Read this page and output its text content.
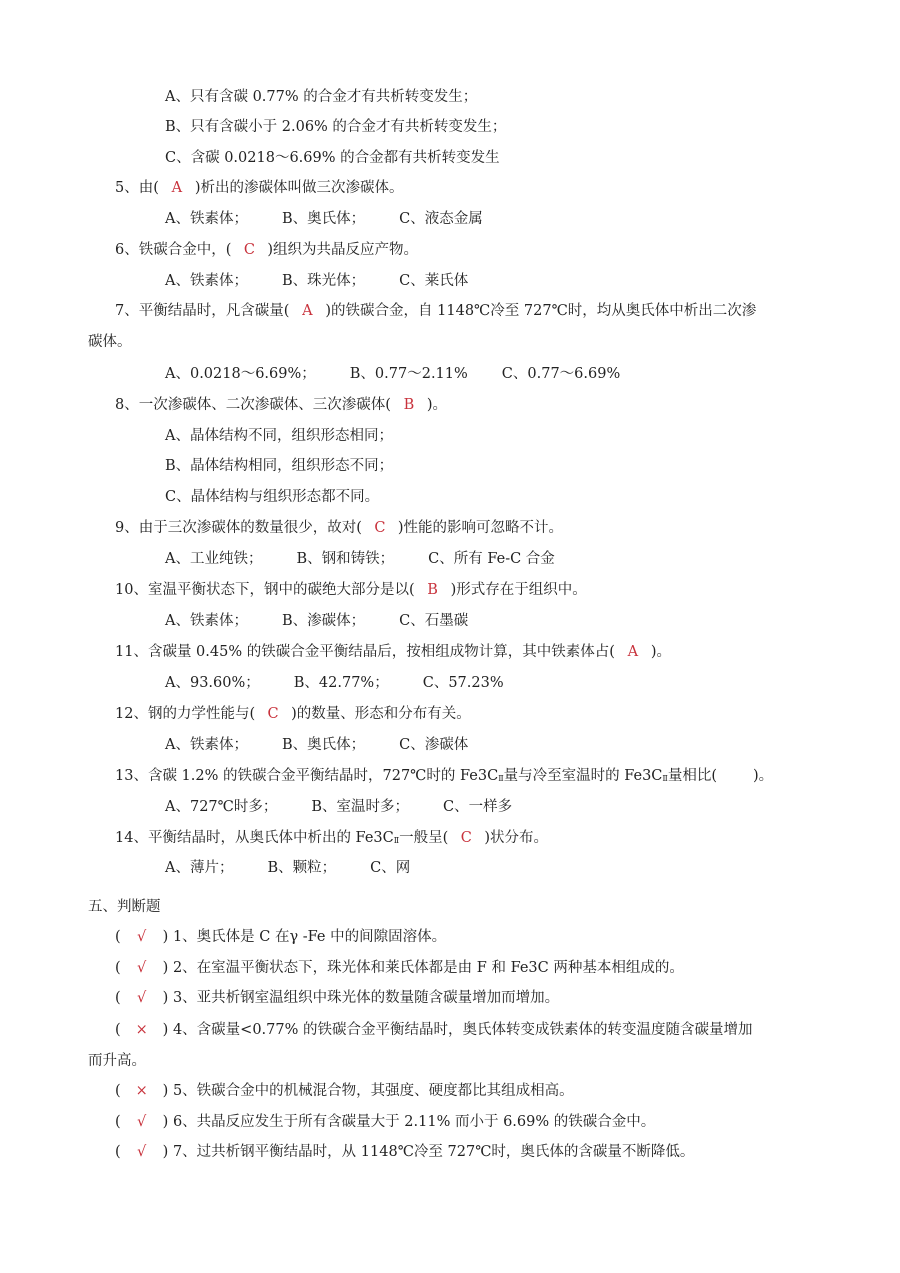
A、只有含碳 0.77% 的合金才有共析转变发生；
B、只有含碳小于 2.06% 的合金才有共析转变发生；
C、含碳 0.0218～6.69% 的合金都有共析转变发生
5、由( A )析出的渗碳体叫做三次渗碳体。
A、铁素体； B、奥氏体； C、液态金属
6、铁碳合金中，( C )组织为共晶反应产物。
A、铁素体； B、珠光体； C、莱氏体
7、平衡结晶时，凡含碳量( A )的铁碳合金，自 1148℃冷至 727℃时，均从奥氏体中析出二次渗
碳体。
A、0.0218～6.69%； B、0.77～2.11% C、0.77～6.69%
8、一次渗碳体、二次渗碳体、三次渗碳体( B )。
A、晶体结构不同，组织形态相同；
B、晶体结构相同，组织形态不同；
C、晶体结构与组织形态都不同。
9、由于三次渗碳体的数量很少，故对( C )性能的影响可忽略不计。
A、工业纯铁； B、钢和铸铁； C、所有 Fe-C 合金
10、室温平衡状态下，钢中的碳绝大部分是以( B )形式存在于组织中。
A、铁素体； B、渗碳体； C、石墨碳
11、含碳量 0.45% 的铁碳合金平衡结晶后，按相组成物计算，其中铁素体占( A )。
A、93.60%； B、42.77%； C、57.23%
12、钢的力学性能与( C )的数量、形态和分布有关。
A、铁素体； B、奥氏体； C、渗碳体
13、含碳 1.2% 的铁碳合金平衡结晶时，727℃时的 Fe3CⅡ量与冷至室温时的 Fe3CⅡ量相比( )。
A、727℃时多； B、室温时多； C、一样多
14、平衡结晶时，从奥氏体中析出的 Fe3CⅡ一般呈( C )状分布。
A、薄片； B、颗粒； C、网
五、判断题
( √ ) 1、奥氏体是 C 在γ -Fe 中的间隙固溶体。
( √ ) 2、在室温平衡状态下，珠光体和莱氏体都是由 F 和 Fe3C 两种基本相组成的。
( √ ) 3、亚共析钢室温组织中珠光体的数量随含碳量增加而增加。
( × ) 4、含碳量<0.77% 的铁碳合金平衡结晶时，奥氏体转变成铁素体的转变温度随含碳量增加
而升高。
( × ) 5、铁碳合金中的机械混合物，其强度、硬度都比其组成相高。
( √ ) 6、共晶反应发生于所有含碳量大于 2.11% 而小于 6.69% 的铁碳合金中。
( √ ) 7、过共析钢平衡结晶时，从 1148℃冷至 727℃时，奥氏体的含碳量不断降低。
